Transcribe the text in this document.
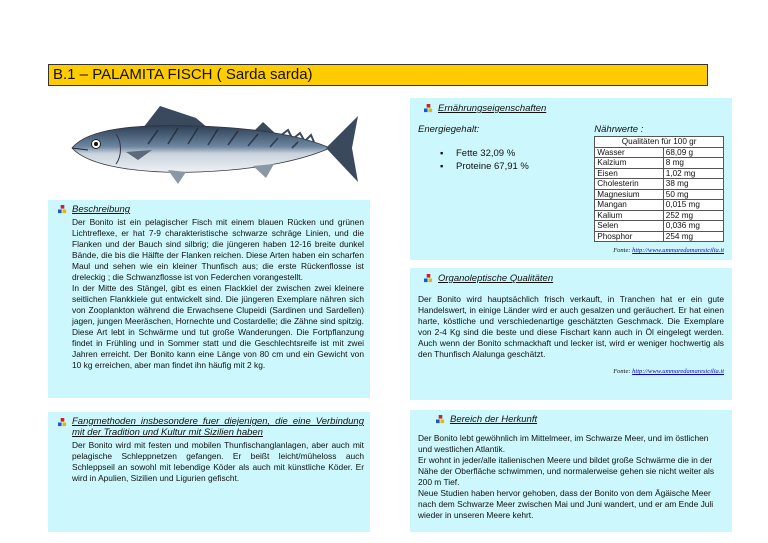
B.1 – PALAMITA FISCH ( Sarda sarda)
Beschreibung

Der Bonito ist ein pelagischer Fisch mit einem blauen Rücken und grünen Lichtreflexe, er hat 7-9 charakteristische schwarze schräge Linien, und die Flanken und der Bauch sind silbrig; die jüngeren haben 12-16 breite dunkel Bände, die bis die Hälfte der Flanken reichen. Diese Arten haben ein scharfen Maul und sehen wie ein kleiner Thunfisch aus; die erste Rückenflosse ist dreleckig ; die Schwanzflosse ist von Federchen vorangestellt.

In der Mitte des Stängel, gibt es einen Flackkiel der zwischen zwei kleinere seitlichen Flankkiele gut entwickelt sind. Die jüngeren Exemplare nähren sich von Zooplankton während die Erwachsene Clupeidi (Sardinen und Sardellen) jagen, jungen Meeräschen, Hornechte und Costardelle; die Zähne sind spitzig. Diese Art lebt in Schwärme und tut große Wanderungen. Die Fortpflanzung findet in Frühling und in Sommer statt und die Geschlechtsreife ist mit zwei Jahren erreicht. Der Bonito kann eine Länge von 80 cm und ein Gewicht von 10 kg erreichen, aber man findet ihn häufig mit 2 kg.

Fangmethoden insbesondere fuer diejenigen, die eine Verbindung mit der Tradition und Kultur mit Sizilien haben

Der Bonito wird mit festen und mobilen Thunfischanglanlagen, aber auch mit pelagische Schleppnetzen gefangen. Er beißt leicht/müheloss auch Schleppseil an sowohl mit lebendige Köder als auch mit künstliche Köder. Er wird in Apulien, Sizilien und Ligurien gefischt.

Ernährungseigenschaften
Energiegehalt:
▪ Fette 32,09 %
▪ Proteine 67,91 %
Nährwerte :
Qualitäten für 100 gr	
Wasser	68,09 g
Kalzium	8 mg
Eisen	1,02 mg
Cholesterin	38 mg
Magnesium	50 mg
Mangan	0,015 mg
Kalium	252 mg
Selen	0,036 mg
Phosphor	254 mg
Fonte: http://www.ummaredamaresicilia.it
Organoleptische Qualitäten

Der Bonito wird hauptsächlich frisch verkauft, in Tranchen hat er ein gute Handelswert, in einige Länder wird er auch gesalzen und geräuchert. Er hat einen harte, köstliche und verschiedenartige geschätzten Geschmack. Die Exemplare von 2-4 Kg sind die beste und diese Fischart kann auch in Öl eingelegt werden. Auch wenn der Bonito schmackhaft und lecker ist, wird er weniger hochwertig als den Thunfisch Alalunga geschätzt.

Fonte: http://www.ummaredamaresicilia.it
Bereich der Herkunft

Der Bonito lebt gewöhnlich im Mittelmeer, im Schwarze Meer, und im östlichen und westlichen Atlantik.

Er wohnt in jeder/alle italienischen Meere und bildet große Schwärme die in der Nähe der Oberfläche schwimmen, und normalerweise gehen sie nicht weiter als 200 m Tief.

Neue Studien haben hervor gehoben, dass der Bonito von dem Ägäische Meer nach dem Schwarze Meer zwischen Mai und Juni wandert, und er am Ende Juli wieder in unseren Meere kehrt.
